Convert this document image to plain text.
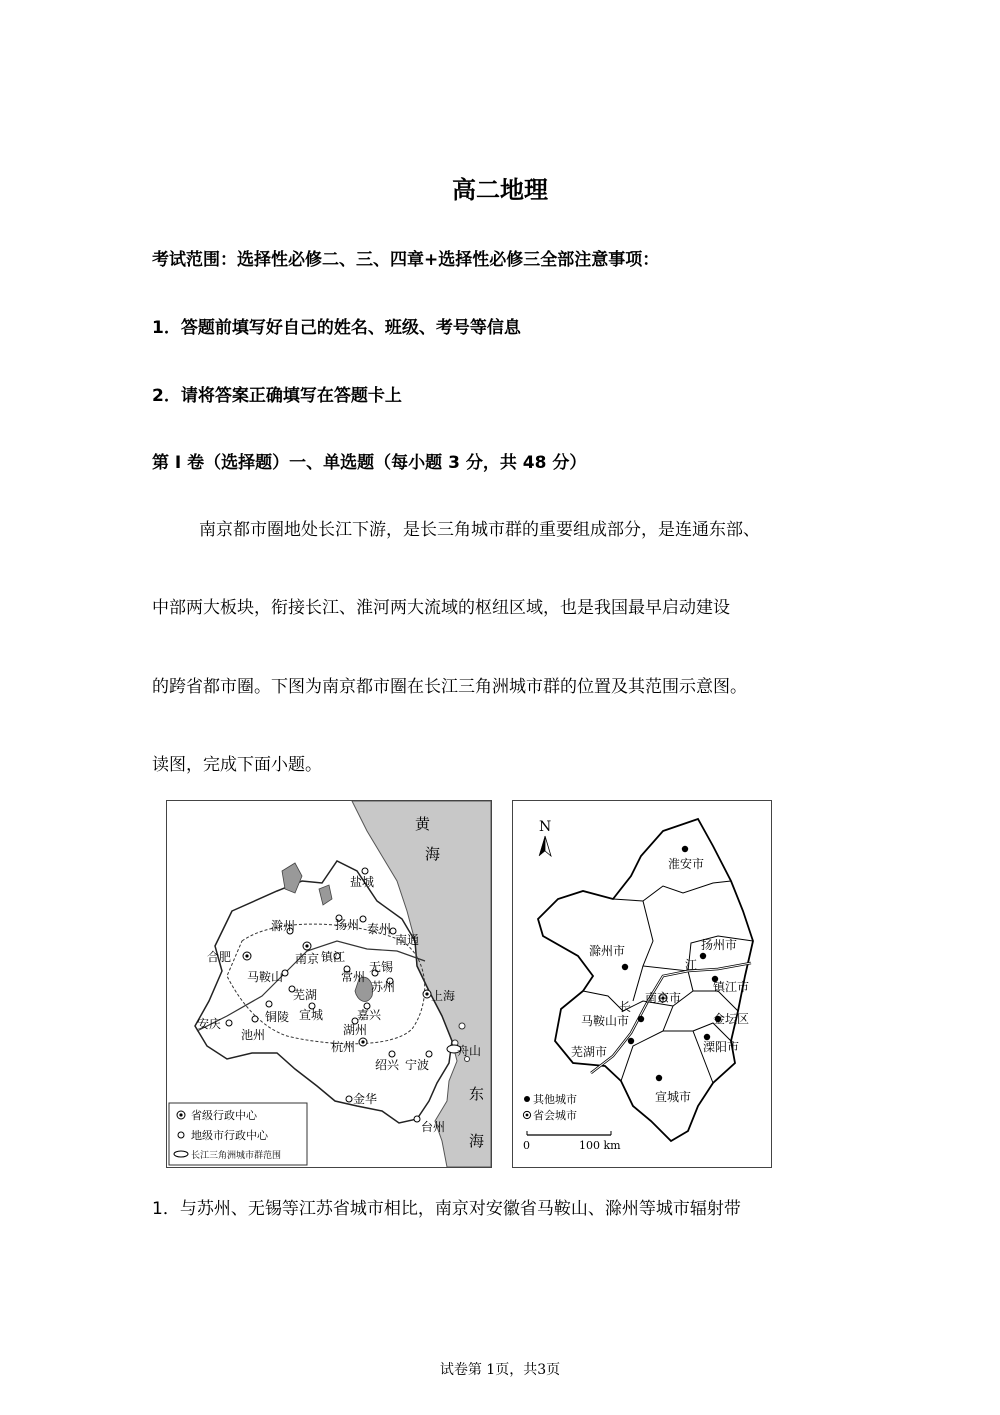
高二地理
考试范围：选择性必修二、三、四章+选择性必修三全部注意事项：
1．答题前填写好自己的姓名、班级、考号等信息
2．请将答案正确填写在答题卡上
第 I 卷（选择题）一、单选题（每小题 3 分，共 48 分）
南京都市圈地处长江下游，是长三角城市群的重要组成部分，是连通东部、
中部两大板块，衔接长江、淮河两大流域的枢纽区域，也是我国最早启动建设
的跨省都市圈。下图为南京都市圈在长江三角洲城市群的位置及其范围示意图。
读图，完成下面小题。
黄
海
东
海
盐城
扬州 泰州
南通
滁州
合肥	南京 镇江
常州
无锡
苏州
上海
马鞍山
芜湖
嘉兴
铜陵 宣城
湖州
安庆
池州
杭州
绍兴 宁波
舟山
金华
台州
省级行政中心
地级市行政中心
长江三角洲城市群范围
N
淮安市
扬州市
江
滁州市
镇江市
南京市
长
马鞍山市	金坛区
芜湖市	溧阳市
宣城市
其他城市
省会城市
0	100 km
1．与苏州、无锡等江苏省城市相比，南京对安徽省马鞍山、滁州等城市辐射带
试卷第 1页，共3页
